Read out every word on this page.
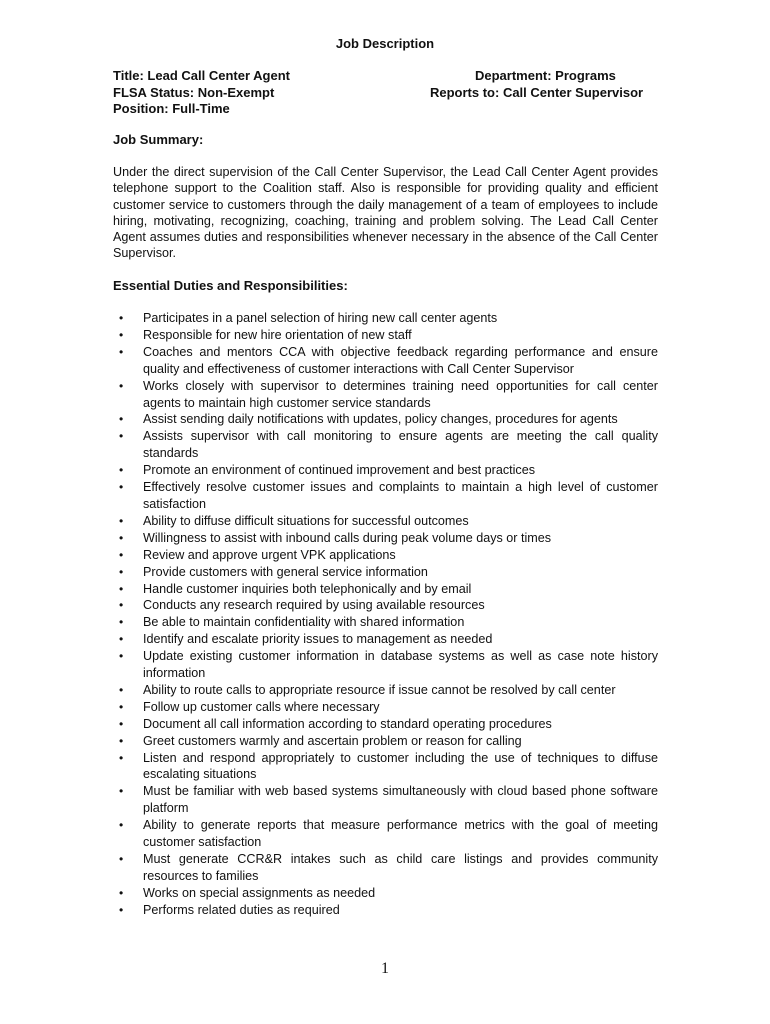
Job Description
Title: Lead Call Center Agent
FLSA Status: Non-Exempt
Position: Full-Time
Department: Programs
Reports to: Call Center Supervisor
Job Summary:
Under the direct supervision of the Call Center Supervisor, the Lead Call Center Agent provides telephone support to the Coalition staff. Also is responsible for providing quality and efficient customer service to customers through the daily management of a team of employees to include hiring, motivating, recognizing, coaching, training and problem solving. The Lead Call Center Agent assumes duties and responsibilities whenever necessary in the absence of the Call Center Supervisor.
Essential Duties and Responsibilities:
• Participates in a panel selection of hiring new call center agents
• Responsible for new hire orientation of new staff
• Coaches and mentors CCA with objective feedback regarding performance and ensure quality and effectiveness of customer interactions with Call Center Supervisor
• Works closely with supervisor to determines training need opportunities for call center agents to maintain high customer service standards
• Assist sending daily notifications with updates, policy changes, procedures for agents
• Assists supervisor with call monitoring to ensure agents are meeting the call quality standards
• Promote an environment of continued improvement and best practices
• Effectively resolve customer issues and complaints to maintain a high level of customer satisfaction
• Ability to diffuse difficult situations for successful outcomes
• Willingness to assist with inbound calls during peak volume days or times
• Review and approve urgent VPK applications
• Provide customers with general service information
• Handle customer inquiries both telephonically and by email
• Conducts any research required by using available resources
• Be able to maintain confidentiality with shared information
• Identify and escalate priority issues to management as needed
• Update existing customer information in database systems as well as case note history information
• Ability to route calls to appropriate resource if issue cannot be resolved by call center
• Follow up customer calls where necessary
• Document all call information according to standard operating procedures
• Greet customers warmly and ascertain problem or reason for calling
• Listen and respond appropriately to customer including the use of techniques to diffuse escalating situations
• Must be familiar with web based systems simultaneously with cloud based phone software platform
• Ability to generate reports that measure performance metrics with the goal of meeting customer satisfaction
• Must generate CCR&R intakes such as child care listings and provides community resources to families
• Works on special assignments as needed
• Performs related duties as required
1
